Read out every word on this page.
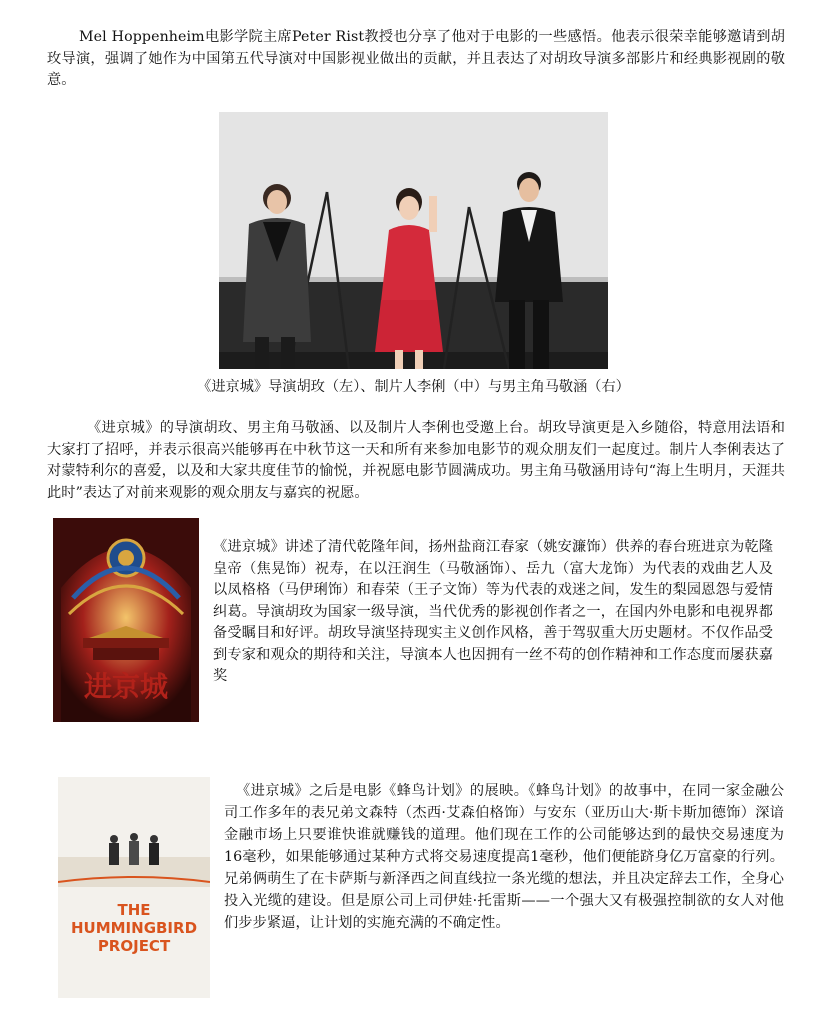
Mel Hoppenheim电影学院主席Peter Rist教授也分享了他对于电影的一些感悟。他表示很荣幸能够邀请到胡玫导演，强调了她作为中国第五代导演对中国影视业做出的贡献，并且表达了对胡玫导演多部影片和经典影视剧的敬意。

《进京城》导演胡玫（左）、制片人李俐（中）与男主角马敬涵（右）

《进京城》的导演胡玫、男主角马敬涵、以及制片人李俐也受邀上台。胡玫导演更是入乡随俗，特意用法语和大家打了招呼，并表示很高兴能够再在中秋节这一天和所有来参加电影节的观众朋友们一起度过。制片人李俐表达了对蒙特利尔的喜爱，以及和大家共度佳节的愉悦，并祝愿电影节圆满成功。男主角马敬涵用诗句“海上生明月，天涯共此时”表达了对前来观影的观众朋友与嘉宾的祝愿。

进京城

《进京城》讲述了清代乾隆年间，扬州盐商江春家（姚安濂饰）供养的春台班进京为乾隆皇帝（焦晃饰）祝寿，在以汪润生（马敬涵饰）、岳九（富大龙饰）为代表的戏曲艺人及以凤格格（马伊琍饰）和春荣（王子文饰）等为代表的戏迷之间，发生的梨园恩怨与爱情纠葛。导演胡玫为国家一级导演，当代优秀的影视创作者之一，在国内外电影和电视界都备受瞩目和好评。胡玫导演坚持现实主义创作风格，善于驾驭重大历史题材。不仅作品受到专家和观众的期待和关注，导演本人也因拥有一丝不苟的创作精神和工作态度而屡获嘉奖

THE
HUMMINGBIRD
PROJECT

《进京城》之后是电影《蜂鸟计划》的展映。《蜂鸟计划》的故事中，在同一家金融公司工作多年的表兄弟文森特（杰西·艾森伯格饰）与安东（亚历山大·斯卡斯加德饰）深谙金融市场上只要谁快谁就赚钱的道理。他们现在工作的公司能够达到的最快交易速度为16毫秒，如果能够通过某种方式将交易速度提高1毫秒，他们便能跻身亿万富豪的行列。兄弟俩萌生了在卡萨斯与新泽西之间直线拉一条光缆的想法，并且决定辞去工作，全身心投入光缆的建设。但是原公司上司伊娃·托雷斯——一个强大又有极强控制欲的女人对他们步步紧逼，让计划的实施充满的不确定性。
